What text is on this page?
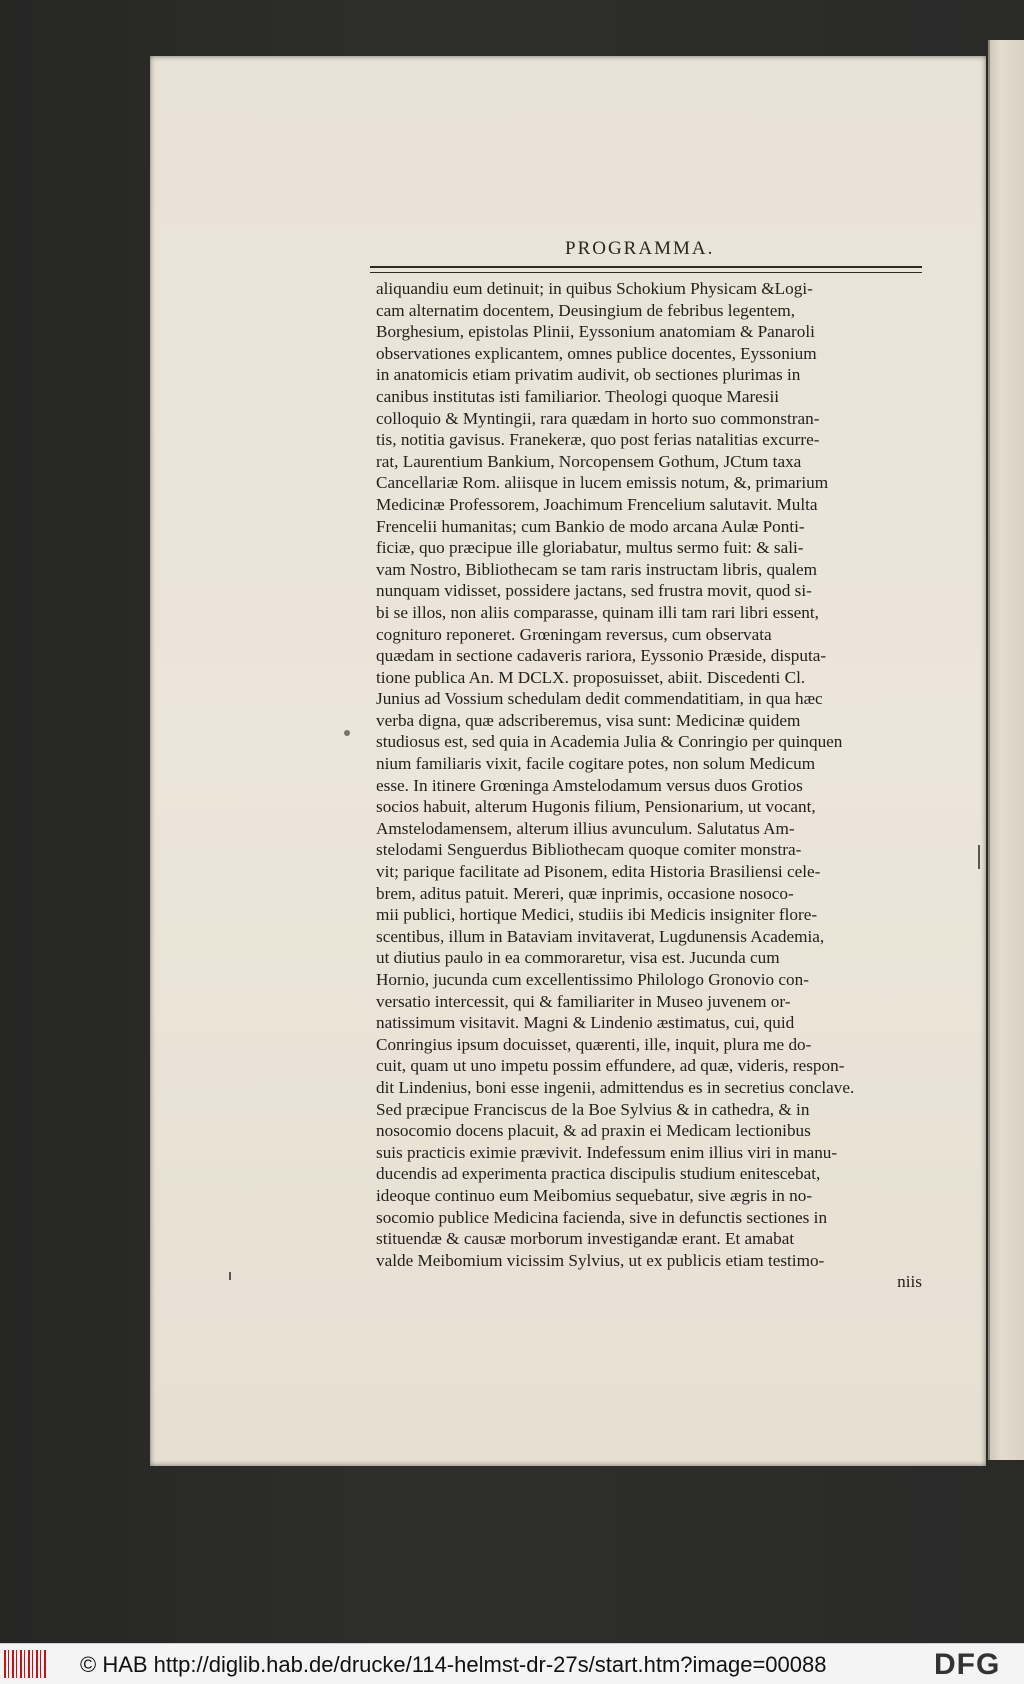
PROGRAMMA.
aliquandiu eum detinuit; in quibus Schokium Physicam &Logi-
cam alternatim docentem, Deusingium de febribus legentem,
Borghesium, epistolas Plinii, Eyssonium anatomiam & Panaroli
observationes explicantem, omnes publice docentes, Eyssonium
in anatomicis etiam privatim audivit, ob sectiones plurimas in
canibus institutas isti familiarior. Theologi quoque Maresii
colloquio & Myntingii, rara quædam in horto suo commonstran-
tis, notitia gavisus. Franekeræ, quo post ferias natalitias excurre-
rat, Laurentium Bankium, Norcopensem Gothum, JCtum taxa
Cancellariæ Rom. aliisque in lucem emissis notum, &, primarium
Medicinæ Professorem, Joachimum Frencelium salutavit. Multa
Frencelii humanitas; cum Bankio de modo arcana Aulæ Ponti-
ficiæ, quo præcipue ille gloriabatur, multus sermo fuit: & sali-
vam Nostro, Bibliothecam se tam raris instructam libris, qualem
nunquam vidisset, possidere jactans, sed frustra movit, quod si-
bi se illos, non aliis comparasse, quinam illi tam rari libri essent,
cognituro reponeret. Grœningam reversus, cum observata
quædam in sectione cadaveris rariora, Eyssonio Præside, disputa-
tione publica An. M DCLX. proposuisset, abiit. Discedenti Cl.
Junius ad Vossium schedulam dedit commendatitiam, in qua hæc
verba digna, quæ adscriberemus, visa sunt: Medicinæ quidem
studiosus est, sed quia in Academia Julia & Conringio per quinquen
nium familiaris vixit, facile cogitare potes, non solum Medicum
esse. In itinere Grœninga Amstelodamum versus duos Grotios
socios habuit, alterum Hugonis filium, Pensionarium, ut vocant,
Amstelodamensem, alterum illius avunculum. Salutatus Am-
stelodami Senguerdus Bibliothecam quoque comiter monstra-
vit; parique facilitate ad Pisonem, edita Historia Brasiliensi cele-
brem, aditus patuit. Mereri, quæ inprimis, occasione nosoco-
mii publici, hortique Medici, studiis ibi Medicis insigniter flore-
scentibus, illum in Bataviam invitaverat, Lugdunensis Academia,
ut diutius paulo in ea commoraretur, visa est. Jucunda cum
Hornio, jucunda cum excellentissimo Philologo Gronovio con-
versatio intercessit, qui & familiariter in Museo juvenem or-
natissimum visitavit. Magni & Lindenio æstimatus, cui, quid
Conringius ipsum docuisset, quærenti, ille, inquit, plura me do-
cuit, quam ut uno impetu possim effundere, ad quæ, videris, respon-
dit Lindenius, boni esse ingenii, admittendus es in secretius conclave.
Sed præcipue Franciscus de la Boe Sylvius & in cathedra, & in
nosocomio docens placuit, & ad praxin ei Medicam lectionibus
suis practicis eximie prævivit. Indefessum enim illius viri in manu-
ducendis ad experimenta practica discipulis studium enitescebat,
ideoque continuo eum Meibomius sequebatur, sive ægris in no-
socomio publice Medicina facienda, sive in defunctis sectiones in
stituendæ & causæ morborum investigandæ erant. Et amabat
valde Meibomium vicissim Sylvius, ut ex publicis etiam testimo-
niis
© HAB http://diglib.hab.de/drucke/114-helmst-dr-27s/start.htm?image=00088	DFG
